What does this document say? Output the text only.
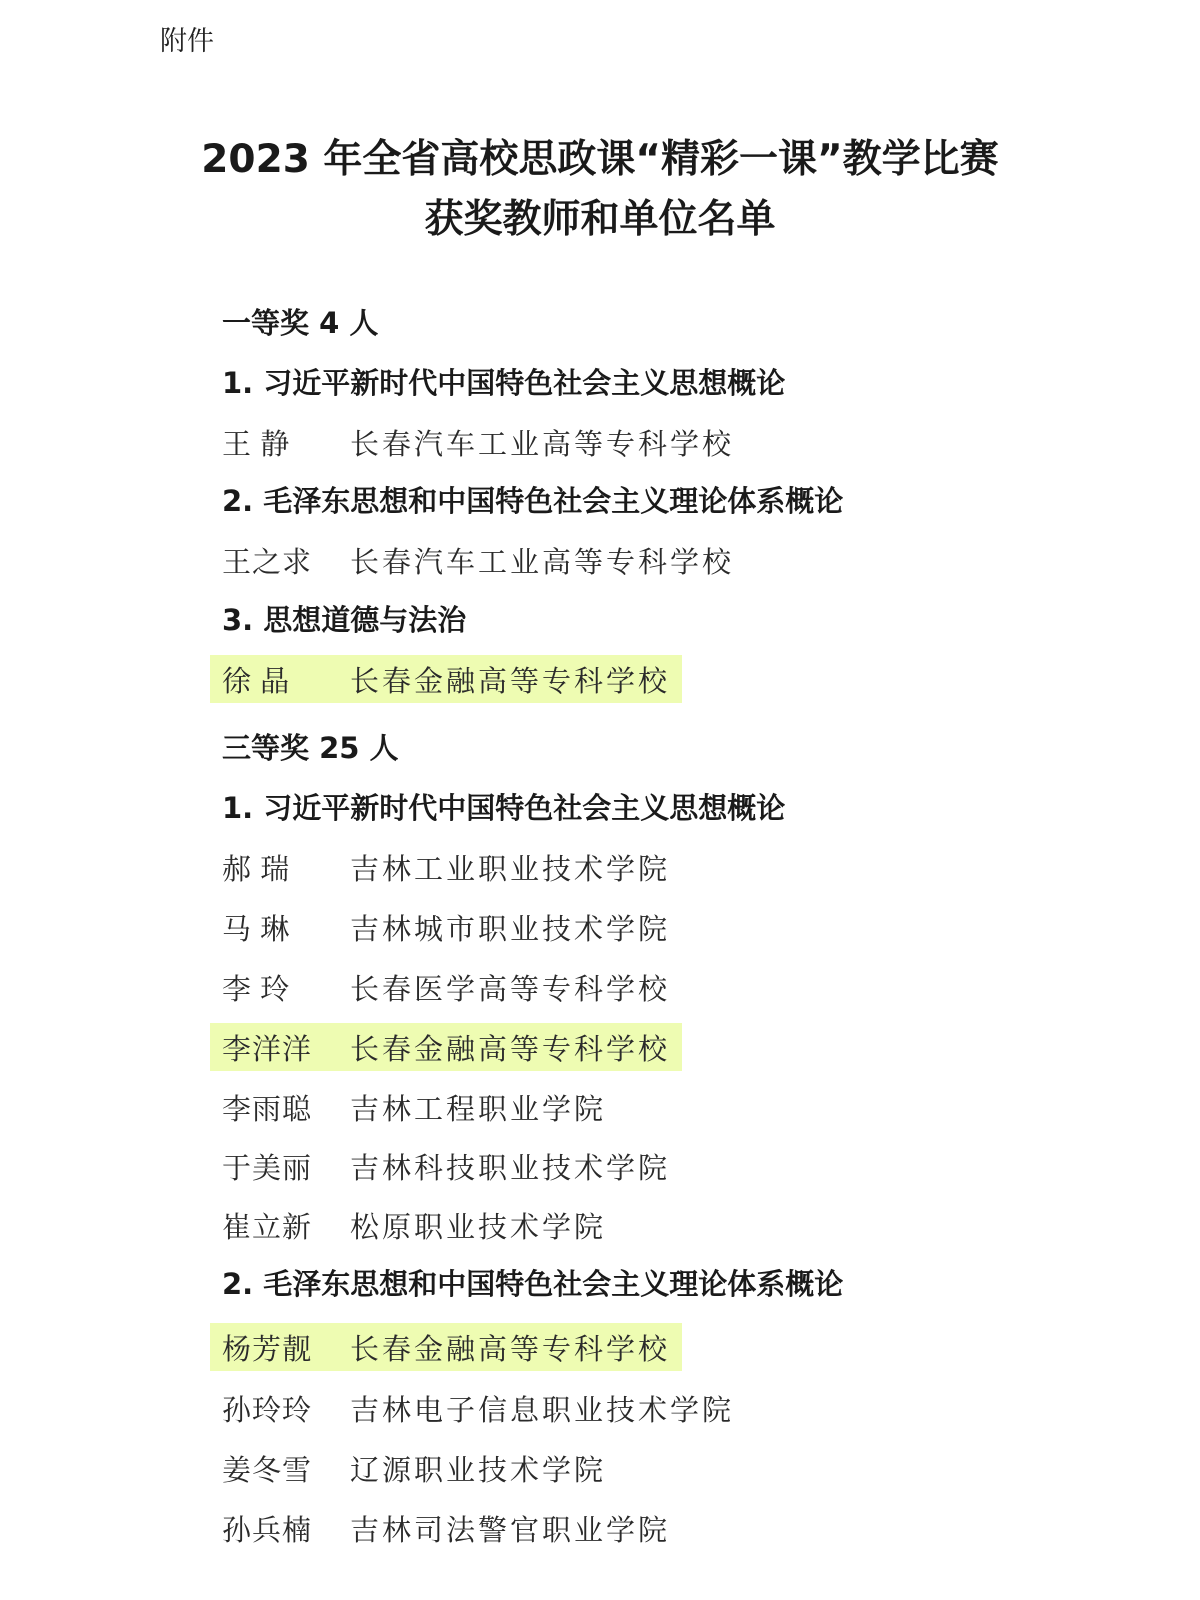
附件
2023 年全省高校思政课“精彩一课”教学比赛
获奖教师和单位名单
一等奖 4 人
1. 习近平新时代中国特色社会主义思想概论
王 静	长春汽车工业高等专科学校
2. 毛泽东思想和中国特色社会主义理论体系概论
王之求	长春汽车工业高等专科学校
3. 思想道德与法治
徐 晶	长春金融高等专科学校
三等奖 25 人
1. 习近平新时代中国特色社会主义思想概论
郝 瑞	吉林工业职业技术学院
马 琳	吉林城市职业技术学院
李 玲	长春医学高等专科学校
李洋洋	长春金融高等专科学校
李雨聪	吉林工程职业学院
于美丽	吉林科技职业技术学院
崔立新	松原职业技术学院
2. 毛泽东思想和中国特色社会主义理论体系概论
杨芳靓	长春金融高等专科学校
孙玲玲	吉林电子信息职业技术学院
姜冬雪	辽源职业技术学院
孙兵楠	吉林司法警官职业学院
